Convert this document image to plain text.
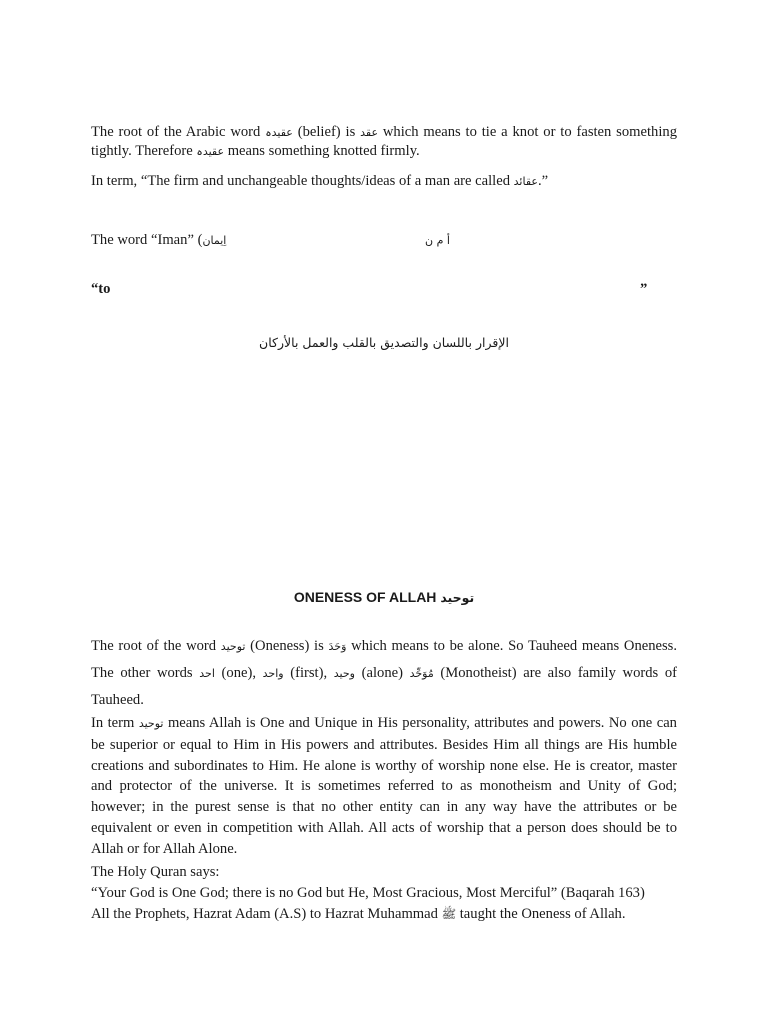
The root of the Arabic word عقیدہ (belief) is عقد which means to tie a knot or to fasten something tightly. Therefore عقیدہ means something knotted firmly.

In term, “The firm and unchangeable thoughts/ideas of a man are called عقائد.”

The word “Iman” (اِیمان	أ م ن
“to	”
الإقرار باللسان والتصدیق بالقلب والعمل بالأرکان
ONENESS OF ALLAH توحید

The root of the word توحید (Oneness) is وَحَدَ which means to be alone. So Tauheed means Oneness. The other words احد (one), واحد (first), وحید (alone) مُوَحِّد (Monotheist) are also family words of Tauheed.

In term توحید means Allah is One and Unique in His personality, attributes and powers. No one can be superior or equal to Him in His powers and attributes. Besides Him all things are His humble creations and subordinates to Him. He alone is worthy of worship none else. He is creator, master and protector of the universe. It is sometimes referred to as monotheism and Unity of God; however; in the purest sense is that no other entity can in any way have the attributes or be equivalent or even in competition with Allah. All acts of worship that a person does should be to Allah or for Allah Alone.

The Holy Quran says:
“Your God is One God; there is no God but He, Most Gracious, Most Merciful” (Baqarah 163)
All the Prophets, Hazrat Adam (A.S) to Hazrat Muhammad ﷺ taught the Oneness of Allah.
